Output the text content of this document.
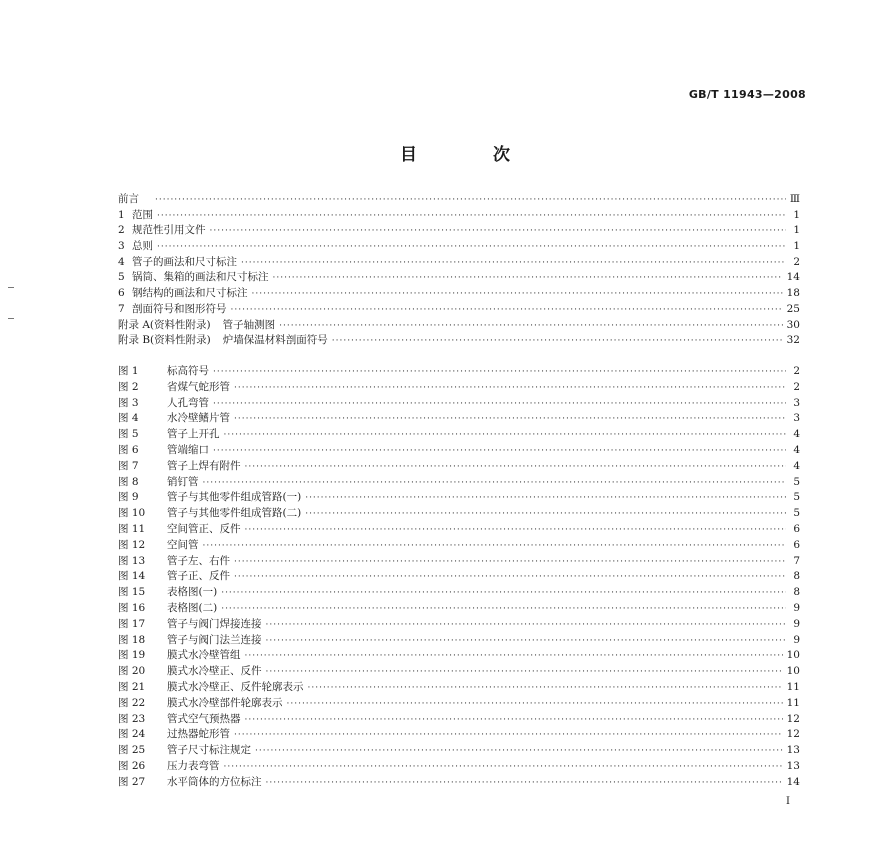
GB/T 11943—2008
目	次
前言 ·····	Ⅲ
1 范围 ·····	1
2 规范性引用文件 ·····	1
3 总则 ·····	1
4 管子的画法和尺寸标注 ·····	2
5 锅筒、集箱的画法和尺寸标注 ·····	14
6 钢结构的画法和尺寸标注 ·····	18
7 剖面符号和图形符号 ·····	25
附录 A(资料性附录) 管子轴测图 ·····	30
附录 B(资料性附录) 炉墙保温材料剖面符号 ·····	32
图 1	标高符号 ·····	2
图 2	省煤气蛇形管 ·····	2
图 3	人孔弯管 ·····	3
图 4	水冷壁鳍片管 ·····	3
图 5	管子上开孔 ·····	4
图 6	管端缩口 ·····	4
图 7	管子上焊有附件 ·····	4
图 8	销钉管 ·····	5
图 9	管子与其他零件组成管路(一) ·····	5
图 10	管子与其他零件组成管路(二) ·····	5
图 11	空间管正、反件 ·····	6
图 12	空间管 ·····	6
图 13	管子左、右件 ·····	7
图 14	管子正、反件 ·····	8
图 15	表格图(一) ·····	8
图 16	表格图(二) ·····	9
图 17	管子与阀门焊接连接 ·····	9
图 18	管子与阀门法兰连接 ·····	9
图 19	膜式水冷壁管组 ·····	10
图 20	膜式水冷壁正、反件 ·····	10
图 21	膜式水冷壁正、反件轮廓表示 ·····	11
图 22	膜式水冷壁部件轮廓表示 ·····	11
图 23	管式空气预热器 ·····	12
图 24	过热器蛇形管 ·····	12
图 25	管子尺寸标注规定 ·····	13
图 26	压力表弯管 ·····	13
图 27	水平筒体的方位标注 ·····	14
I
